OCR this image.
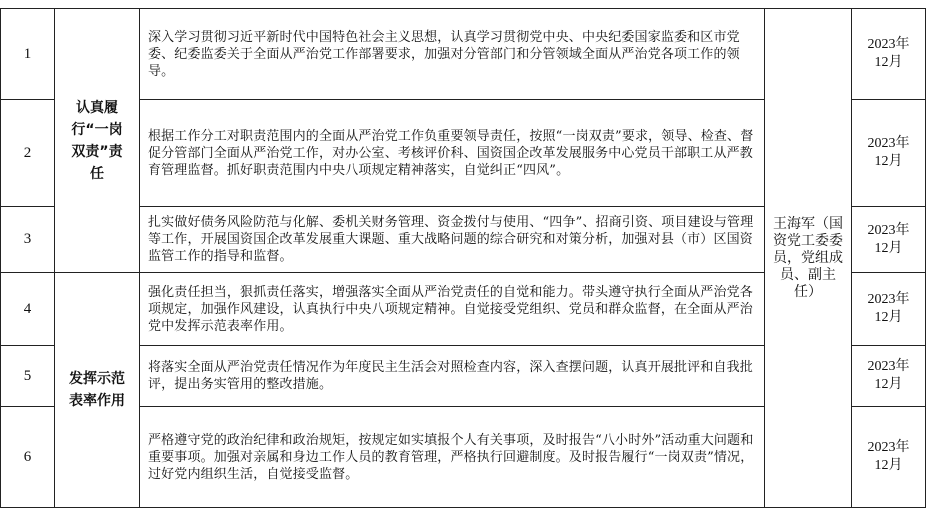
1
2
3
4
5
6
认真履行“一岗双责”责任
发挥示范表率作用
深入学习贯彻习近平新时代中国特色社会主义思想，认真学习贯彻党中央、中央纪委国家监委和区市党委、纪委监委关于全面从严治党工作部署要求，加强对分管部门和分管领域全面从严治党各项工作的领导。
根据工作分工对职责范围内的全面从严治党工作负重要领导责任，按照“一岗双责”要求，领导、检查、督促分管部门全面从严治党工作，对办公室、考核评价科、国资国企改革发展服务中心党员干部职工从严教育管理监督。抓好职责范围内中央八项规定精神落实，自觉纠正“四风”。
扎实做好债务风险防范与化解、委机关财务管理、资金拨付与使用、“四争”、招商引资、项目建设与管理等工作，开展国资国企改革发展重大课题、重大战略问题的综合研究和对策分析，加强对县（市）区国资监管工作的指导和监督。
强化责任担当，狠抓责任落实，增强落实全面从严治党责任的自觉和能力。带头遵守执行全面从严治党各项规定，加强作风建设，认真执行中央八项规定精神。自觉接受党组织、党员和群众监督，在全面从严治党中发挥示范表率作用。
将落实全面从严治党责任情况作为年度民主生活会对照检查内容，深入查摆问题，认真开展批评和自我批评，提出务实管用的整改措施。
严格遵守党的政治纪律和政治规矩，按规定如实填报个人有关事项，及时报告“八小时外”活动重大问题和重要事项。加强对亲属和身边工作人员的教育管理，严格执行回避制度。及时报告履行“一岗双责”情况，过好党内组织生活，自觉接受监督。
王海军（国资党工委委员，党组成员、副主任）
2023年12月
2023年12月
2023年12月
2023年12月
2023年12月
2023年12月
